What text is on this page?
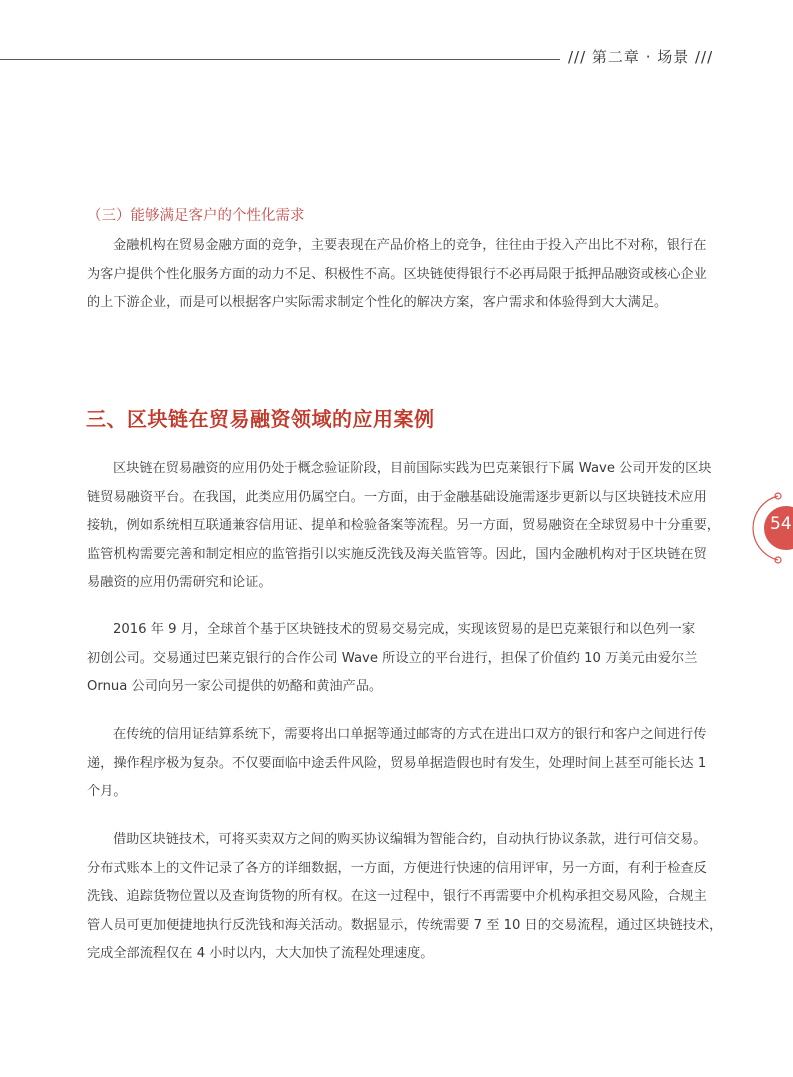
/// 第二章 · 场景 ///
（三）能够满足客户的个性化需求
金融机构在贸易金融方面的竞争，主要表现在产品价格上的竞争，往往由于投入产出比不对称，银行在
为客户提供个性化服务方面的动力不足、积极性不高。区块链使得银行不必再局限于抵押品融资或核心企业
的上下游企业，而是可以根据客户实际需求制定个性化的解决方案，客户需求和体验得到大大满足。
三、区块链在贸易融资领域的应用案例
区块链在贸易融资的应用仍处于概念验证阶段，目前国际实践为巴克莱银行下属 Wave 公司开发的区块
链贸易融资平台。在我国，此类应用仍属空白。一方面，由于金融基础设施需逐步更新以与区块链技术应用
接轨，例如系统相互联通兼容信用证、提单和检验备案等流程。另一方面，贸易融资在全球贸易中十分重要，
监管机构需要完善和制定相应的监管指引以实施反洗钱及海关监管等。因此，国内金融机构对于区块链在贸
易融资的应用仍需研究和论证。
2016 年 9 月，全球首个基于区块链技术的贸易交易完成，实现该贸易的是巴克莱银行和以色列一家
初创公司。交易通过巴莱克银行的合作公司 Wave 所设立的平台进行，担保了价值约 10 万美元由爱尔兰
Ornua 公司向另一家公司提供的奶酪和黄油产品。
在传统的信用证结算系统下，需要将出口单据等通过邮寄的方式在进出口双方的银行和客户之间进行传
递，操作程序极为复杂。不仅要面临中途丢件风险，贸易单据造假也时有发生，处理时间上甚至可能长达 1
个月。
借助区块链技术，可将买卖双方之间的购买协议编辑为智能合约，自动执行协议条款，进行可信交易。
分布式账本上的文件记录了各方的详细数据，一方面，方便进行快速的信用评审，另一方面，有利于检查反
洗钱、追踪货物位置以及查询货物的所有权。在这一过程中，银行不再需要中介机构承担交易风险，合规主
管人员可更加便捷地执行反洗钱和海关活动。数据显示，传统需要 7 至 10 日的交易流程，通过区块链技术，
完成全部流程仅在 4 小时以内，大大加快了流程处理速度。
54
